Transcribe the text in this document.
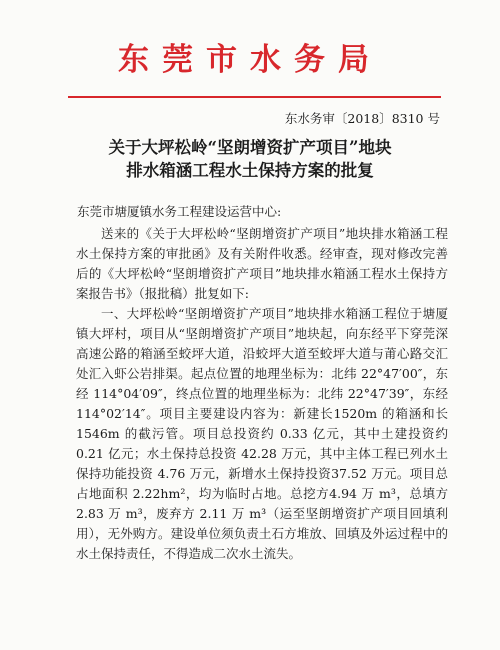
东莞市水务局
东水务审〔2018〕8310 号
关于大坪松岭“坚朗增资扩产项目”地块
排水箱涵工程水土保持方案的批复
东莞市塘厦镇水务工程建设运营中心:

送来的《关于大坪松岭“坚朗增资扩产项目”地块排水箱涵工程水土保持方案的审批函》及有关附件收悉。经审查，现对修改完善后的《大坪松岭“坚朗增资扩产项目”地块排水箱涵工程水土保持方案报告书》（报批稿）批复如下:

一、大坪松岭“坚朗增资扩产项目”地块排水箱涵工程位于塘厦镇大坪村，项目从“坚朗增资扩产项目”地块起，向东经平下穿莞深高速公路的箱涵至蛟坪大道，沿蛟坪大道至蛟坪大道与莆心路交汇处汇入虾公岩排渠。起点位置的地理坐标为：北纬 22°47′00″，东经 114°04′09″，终点位置的地理坐标为：北纬 22°47′39″，东经 114°02′14″。项目主要建设内容为：新建长1520m 的箱涵和长 1546m 的截污管。项目总投资约 0.33 亿元，其中土建投资约 0.21 亿元；水土保持总投资 42.28 万元，其中主体工程已列水土保持功能投资 4.76 万元，新增水土保持投资37.52 万元。项目总占地面积 2.22hm²，均为临时占地。总挖方4.94 万 m³，总填方 2.83 万 m³，废弃方 2.11 万 m³（运至坚朗增资扩产项目回填利用），无外购方。建设单位须负责土石方堆放、回填及外运过程中的水土保持责任，不得造成二次水土流失。
